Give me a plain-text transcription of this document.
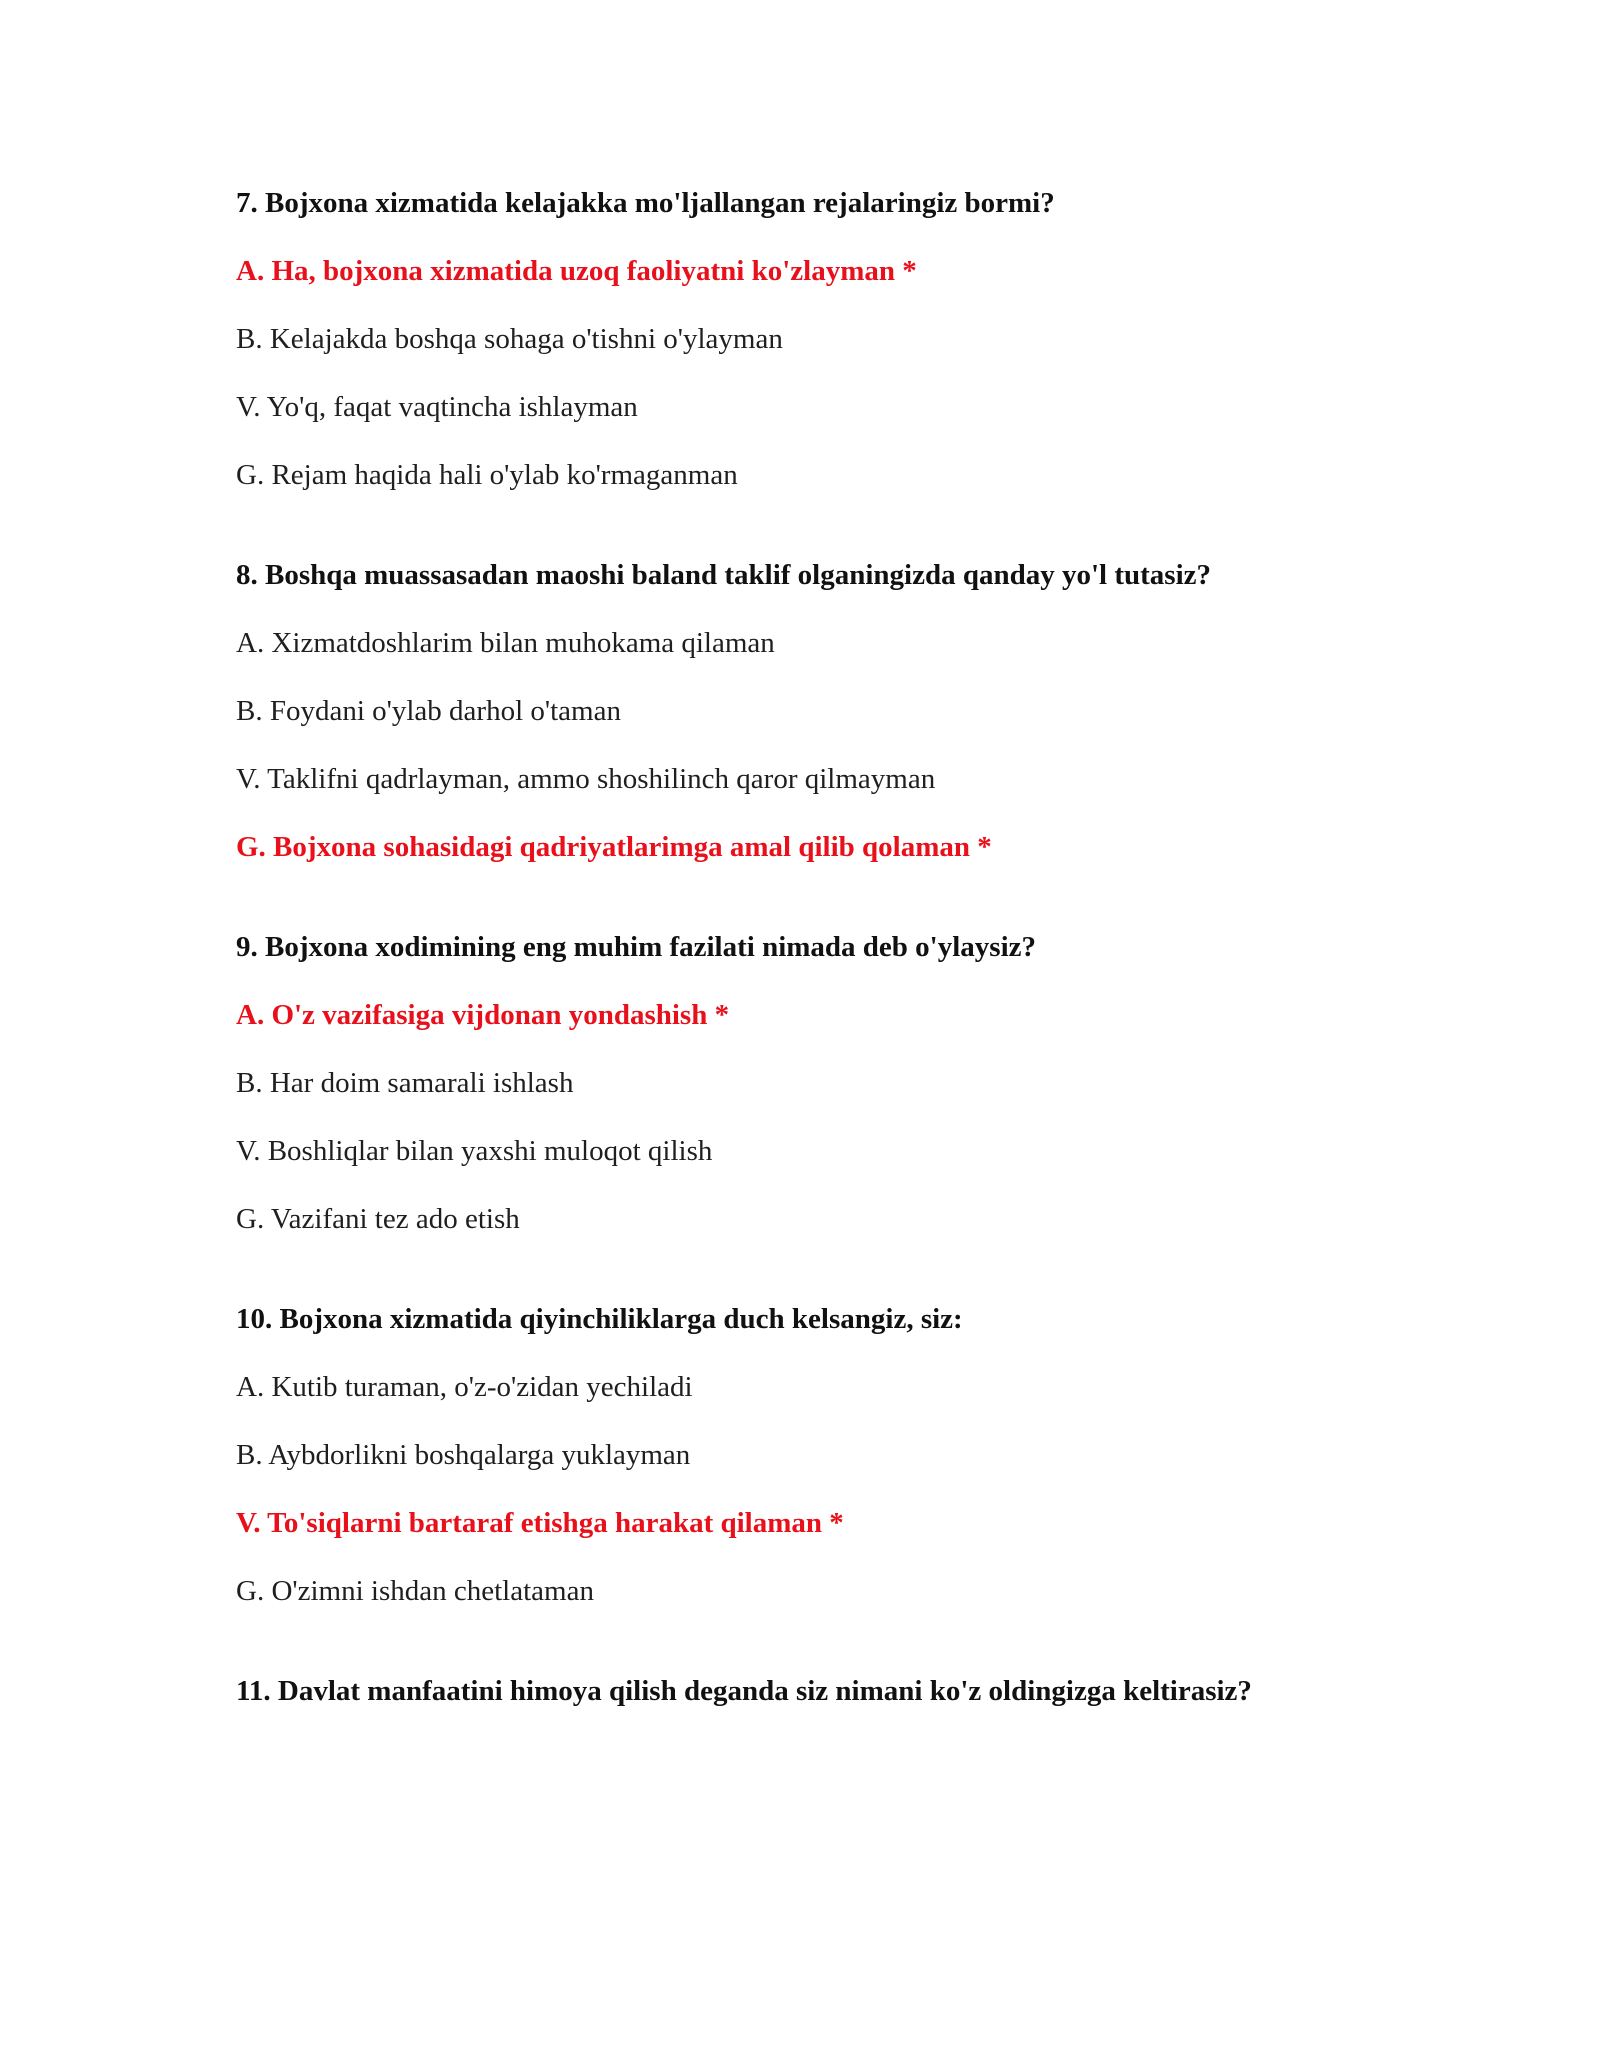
7. Bojxona xizmatida kelajakka mo'ljallangan rejalaringiz bormi?
A. Ha, bojxona xizmatida uzoq faoliyatni ko'zlayman *
B. Kelajakda boshqa sohaga o'tishni o'ylayman
V. Yo'q, faqat vaqtincha ishlayman
G. Rejam haqida hali o'ylab ko'rmaganman
8. Boshqa muassasadan maoshi baland taklif olganingizda qanday yo'l tutasiz?
A. Xizmatdoshlarim bilan muhokama qilaman
B. Foydani o'ylab darhol o'taman
V. Taklifni qadrlayman, ammo shoshilinch qaror qilmayman
G. Bojxona sohasidagi qadriyatlarimga amal qilib qolaman *
9. Bojxona xodimining eng muhim fazilati nimada deb o'ylaysiz?
A. O'z vazifasiga vijdonan yondashish *
B. Har doim samarali ishlash
V. Boshliqlar bilan yaxshi muloqot qilish
G. Vazifani tez ado etish
10. Bojxona xizmatida qiyinchiliklarga duch kelsangiz, siz:
A. Kutib turaman, o'z-o'zidan yechiladi
B. Aybdorlikni boshqalarga yuklayman
V. To'siqlarni bartaraf etishga harakat qilaman *
G. O'zimni ishdan chetlataman
11. Davlat manfaatini himoya qilish deganda siz nimani ko'z oldingizga keltirasiz?
